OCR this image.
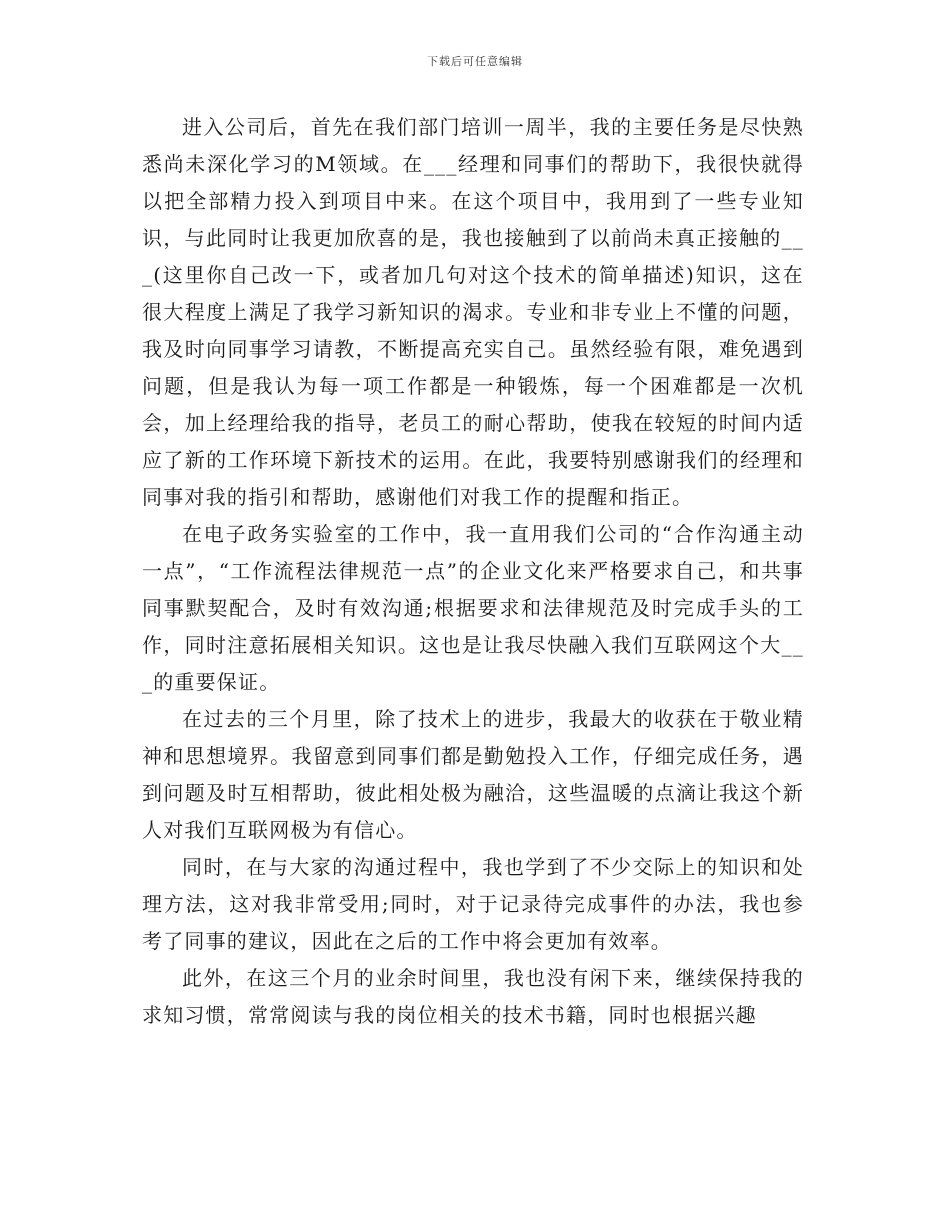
下载后可任意编辑

进入公司后，首先在我们部门培训一周半，我的主要任务是尽快熟悉尚未深化学习的M领域。在___经理和同事们的帮助下，我很快就得以把全部精力投入到项目中来。在这个项目中，我用到了一些专业知识，与此同时让我更加欣喜的是，我也接触到了以前尚未真正接触的___(这里你自己改一下，或者加几句对这个技术的简单描述)知识，这在很大程度上满足了我学习新知识的渴求。专业和非专业上不懂的问题，我及时向同事学习请教，不断提高充实自己。虽然经验有限，难免遇到问题，但是我认为每一项工作都是一种锻炼，每一个困难都是一次机会，加上经理给我的指导，老员工的耐心帮助，使我在较短的时间内适应了新的工作环境下新技术的运用。在此，我要特别感谢我们的经理和同事对我的指引和帮助，感谢他们对我工作的提醒和指正。

在电子政务实验室的工作中，我一直用我们公司的“合作沟通主动一点”，“工作流程法律规范一点”的企业文化来严格要求自己，和共事同事默契配合，及时有效沟通;根据要求和法律规范及时完成手头的工作，同时注意拓展相关知识。这也是让我尽快融入我们互联网这个大___的重要保证。

在过去的三个月里，除了技术上的进步，我最大的收获在于敬业精神和思想境界。我留意到同事们都是勤勉投入工作，仔细完成任务，遇到问题及时互相帮助，彼此相处极为融洽，这些温暖的点滴让我这个新人对我们互联网极为有信心。

同时，在与大家的沟通过程中，我也学到了不少交际上的知识和处理方法，这对我非常受用;同时，对于记录待完成事件的办法，我也参考了同事的建议，因此在之后的工作中将会更加有效率。

此外，在这三个月的业余时间里，我也没有闲下来，继续保持我的求知习惯，常常阅读与我的岗位相关的技术书籍，同时也根据兴趣
